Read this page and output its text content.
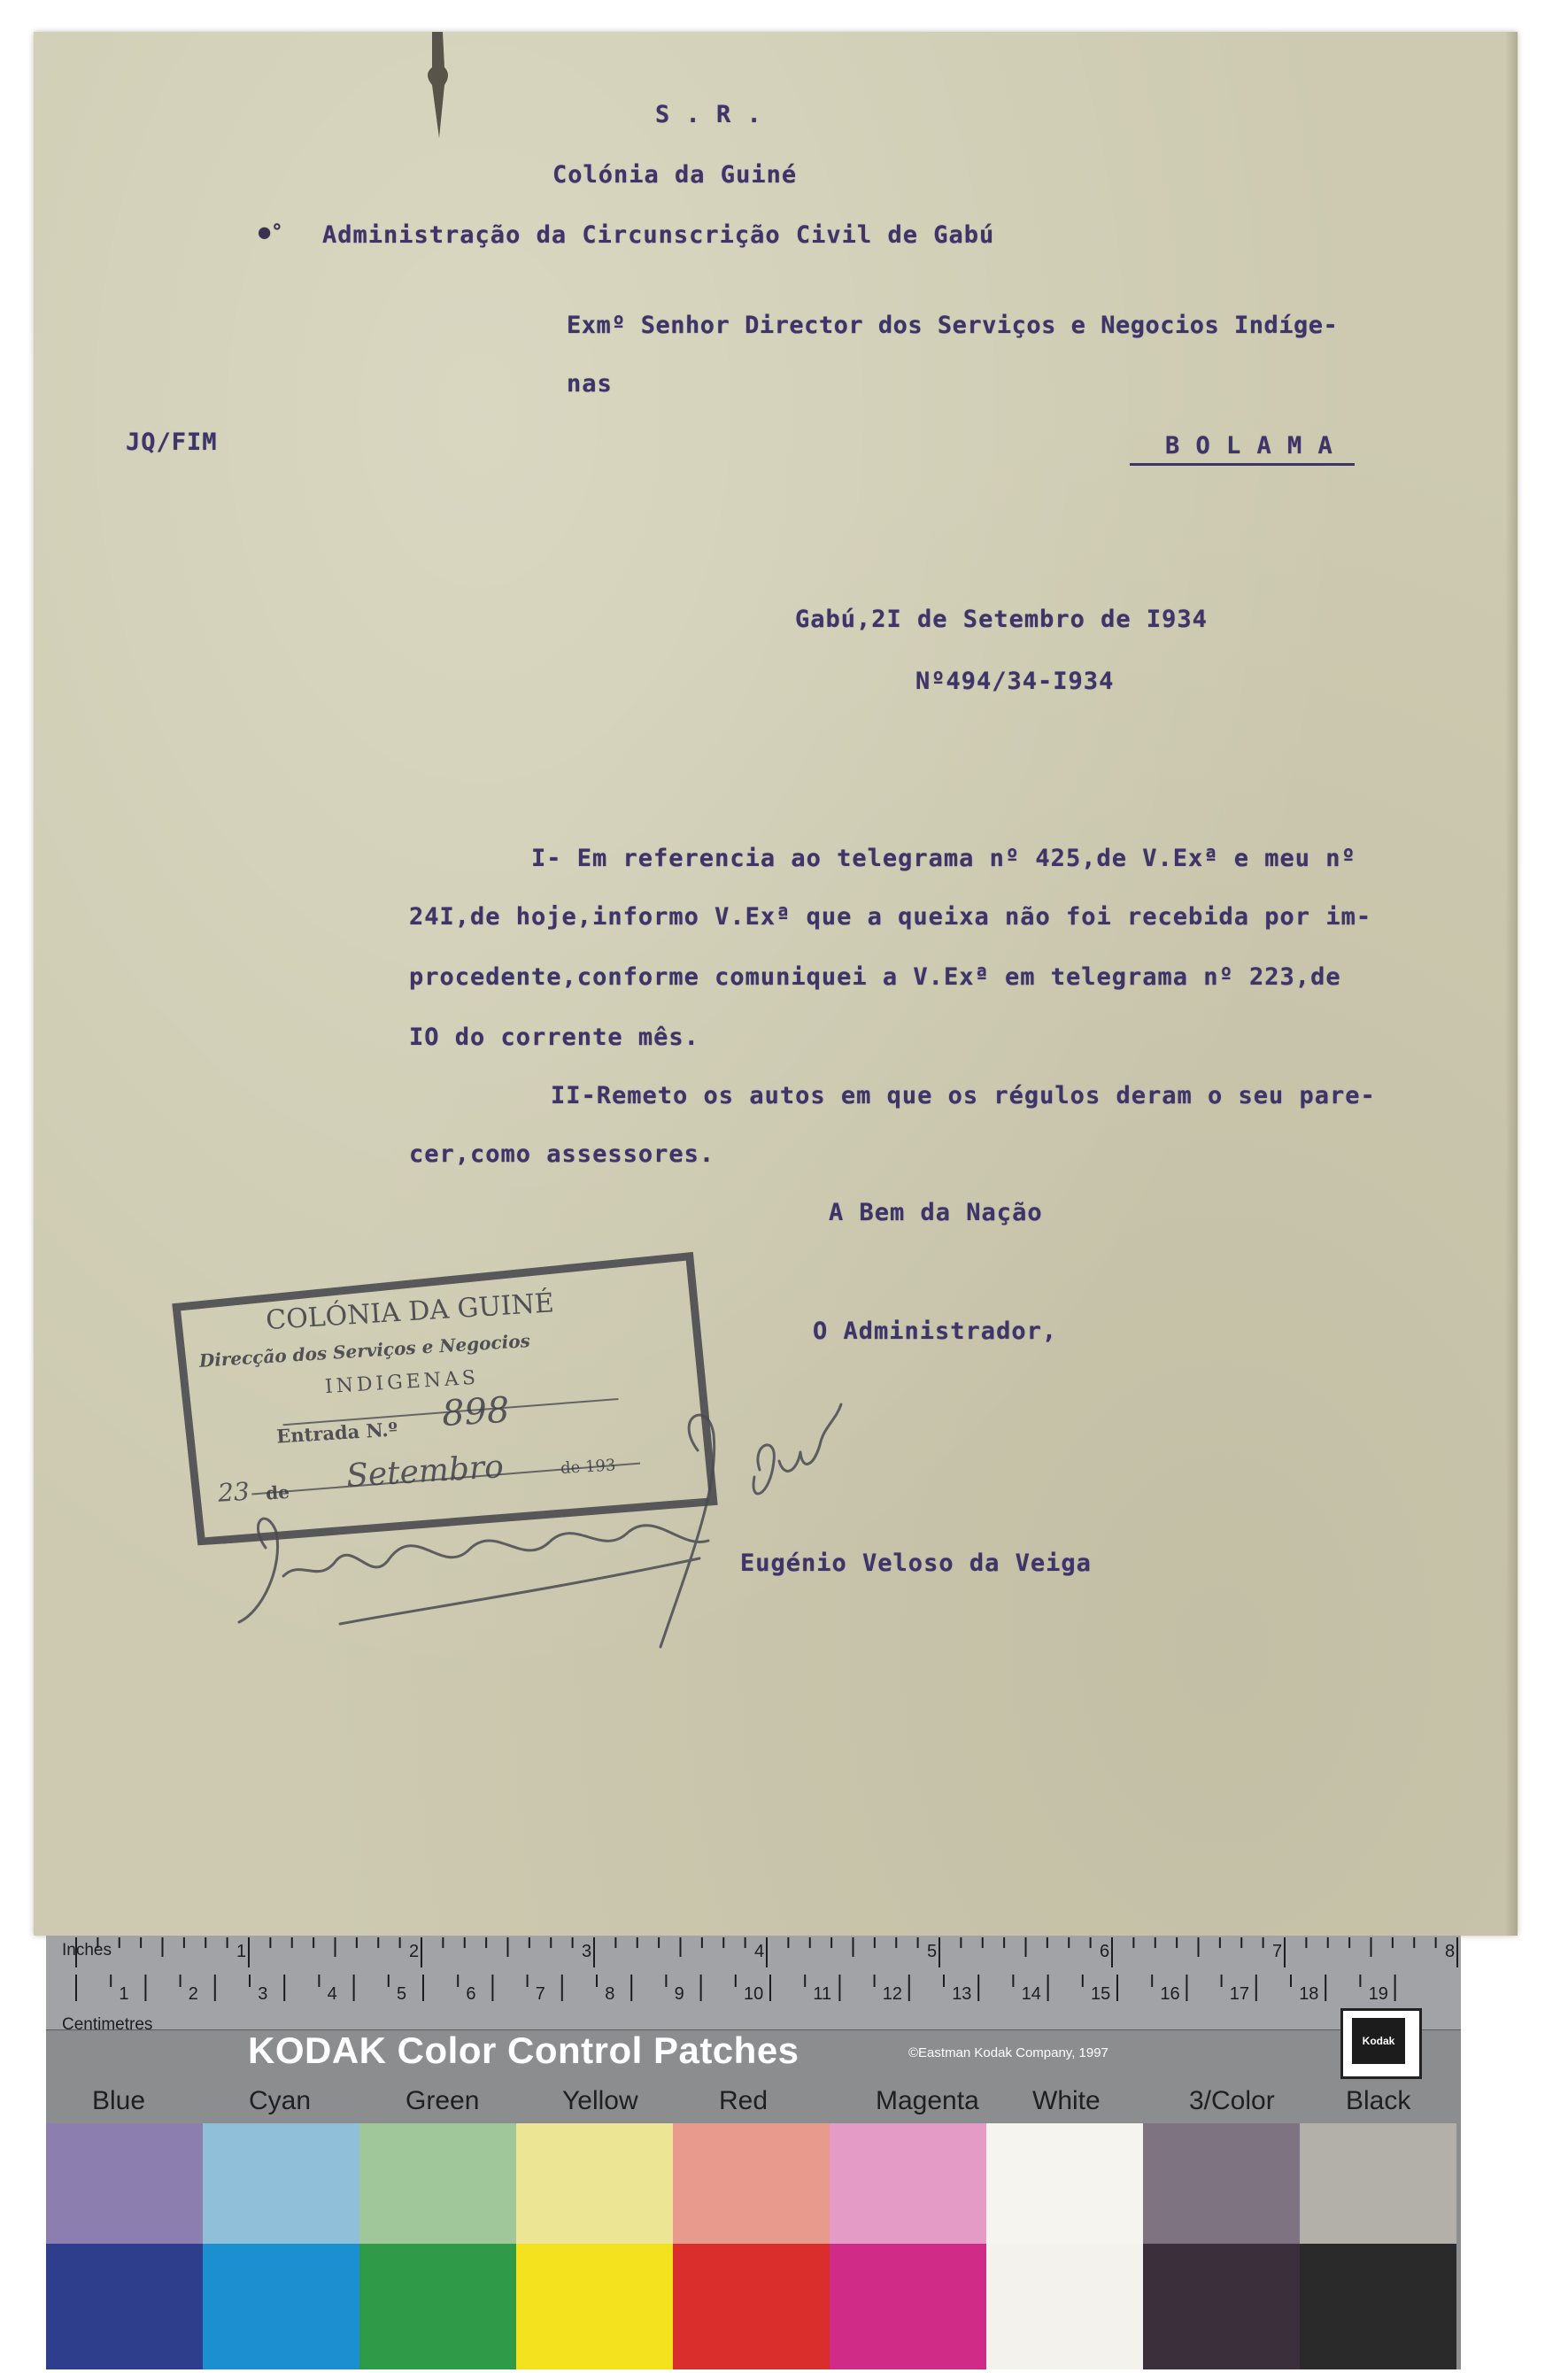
S . R .
Colónia da Guiné
●° Administração da Circunscrição Civil de Gabú
Exmº Senhor Director dos Serviços e Negocios Indíge-
nas
JQ/FIM	B O L A M A
Gabú,2I de Setembro de I934
Nº494/34-I934
I- Em referencia ao telegrama nº 425,de V.Exª e meu nº
24I,de hoje,informo V.Exª que a queixa não foi recebida por im-
procedente,conforme comuniquei a V.Exª em telegrama nº 223,de
IO do corrente mês.
II-Remeto os autos em que os régulos deram o seu pare-
cer,como assessores.
A Bem da Nação
O Administrador,
Eugénio Veloso da Veiga
COLÓNIA DA GUINÉ
Direcção dos Serviços e Negocios
INDIGENAS
Entrada N.º 898
23 de Setembro	de 193
1	2	3	4	5	6	7	8
1	2	3	4	5	6	7	8	9	10	11	12	13	14	15	16	17	18	19
Inches
Centimetres
KODAK Color Control Patches	©Eastman Kodak Company, 1997
Kodak
Blue	Cyan	Green	Yellow	Red	Magenta White	3/Color	Black
